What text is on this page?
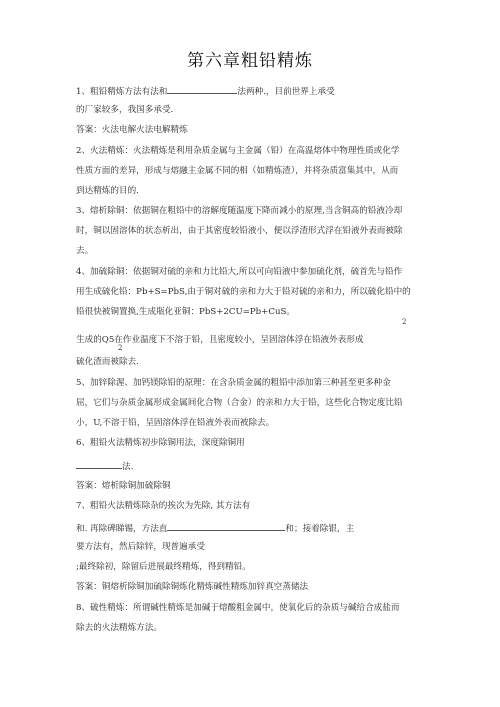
第六章粗铅精炼
1、粗铅精炼方法有法和	法两种.，目前世界上承受
的厂家较多，我国多承受.
答案：火法电解火法电解精炼
2、火法精炼：火法精炼是利用杂质金属与主金属（铅）在高温熔体中物理性质或化学
性质方面的差异，形成与熔融主金属不同的相（如精炼渣），并将杂质富集其中，从而
到达精炼的目的.
3、熔析除铜：依据铜在粗铅中的溶解度随温度下降而减小的原理,当含铜高的铅液冷却
时，铜以固溶体的状态析出，由于其密度较铅液小，便以浮渣形式浮在铅液外表而被除
去。
4、加硫除铜：依据铜对硫的亲和力比铅大,所以可向铅液中参加硫化剂，硫首先与铅作
用生成硫化铅：Pb+S=PbS,由于铜对硫的亲和力大于铅对硫的亲和力，所以硫化铅中的
铅很快被铜置换,生成瓶化亚铜：PbS+2CU=Pb+CuS。
2
生成的Q5在作业温度下不溶于铅，且密度较小，呈固溶体浮在铅液外表形成
2
硫化渣而被除去.
5、加锌除渥、加钙镁除铅的原理：在含杂质金属的粗铅中添加第三种甚至更多种金
屈，它们与杂质金属形成金属间化合物（合金）的亲和力大于铅，这些化合物定度比铅
小，U,不溶于铅，呈固溶体浮在铅液外表而被除去。
6、粗铅火法精炼初步除铜用法，深度除铜用
法.
答案：熔析除铜加硫除铜
7、粗铅火法精炼除杂的挨次为先除, 其方法有
和. 再除碑睇锡，方法直	和；接着除银，主
要方法有，然后除锌，现普遍承受
;最终除初，除留后进展最终精炼，得到精铅。
答案：铜熔析除铜加硫除铜炼化精炼碱性精炼加锌真空蒸储法
8、破性精炼：所谓碱性精炼是加碱于熔酸粗金属中，使氧化后的杂质与碱给合成盐而
除去的火法精炼方法。
